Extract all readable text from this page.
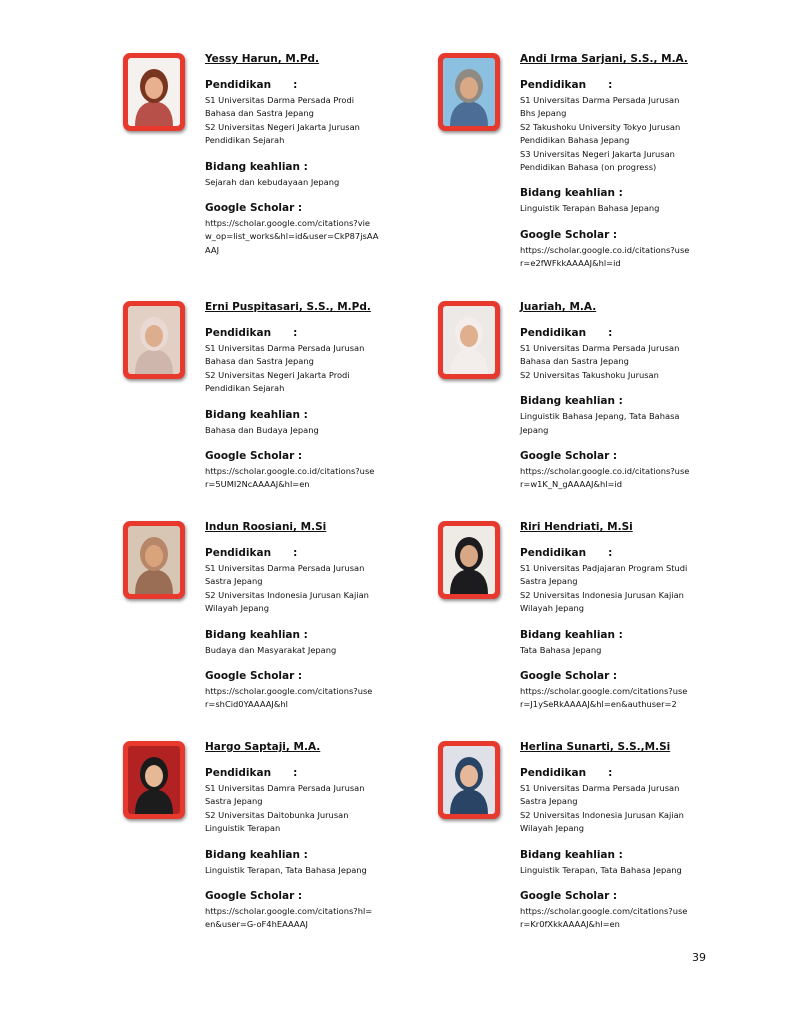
Yessy Harun, M.Pd.
Pendidikan :
S1 Universitas Darma Persada Prodi
Bahasa dan Sastra Jepang
S2 Universitas Negeri Jakarta Jurusan
Pendidikan Sejarah
Bidang keahlian :
Sejarah dan kebudayaan Jepang
Google Scholar :
https://scholar.google.com/citations?vie
w_op=list_works&hl=id&user=CkP87jsAA
AAJ
Andi Irma Sarjani, S.S., M.A.
Pendidikan :
S1 Universitas Darma Persada Jurusan
Bhs Jepang
S2 Takushoku University Tokyo Jurusan
Pendidikan Bahasa Jepang
S3 Universitas Negeri Jakarta Jurusan
Pendidikan Bahasa (on progress)
Bidang keahlian :
Linguistik Terapan Bahasa Jepang
Google Scholar :
https://scholar.google.co.id/citations?use
r=e2fWFkkAAAAJ&hl=id
Erni Puspitasari, S.S., M.Pd.
Pendidikan :
S1 Universitas Darma Persada Jurusan
Bahasa dan Sastra Jepang
S2 Universitas Negeri Jakarta Prodi
Pendidikan Sejarah
Bidang keahlian :
Bahasa dan Budaya Jepang
Google Scholar :
https://scholar.google.co.id/citations?use
r=5UMI2NcAAAAJ&hl=en
Juariah, M.A.
Pendidikan :
S1 Universitas Darma Persada Jurusan
Bahasa dan Sastra Jepang
S2 Universitas Takushoku Jurusan
Bidang keahlian :
Linguistik Bahasa Jepang, Tata Bahasa
Jepang
Google Scholar :
https://scholar.google.co.id/citations?use
r=w1K_N_gAAAAJ&hl=id
Indun Roosiani, M.Si
Pendidikan :
S1 Universitas Darma Persada Jurusan
Sastra Jepang
S2 Universitas Indonesia Jurusan Kajian
Wilayah Jepang
Bidang keahlian :
Budaya dan Masyarakat Jepang
Google Scholar :
https://scholar.google.com/citations?use
r=shCid0YAAAAJ&hl
Riri Hendriati, M.Si
Pendidikan :
S1 Universitas Padjajaran Program Studi
Sastra Jepang
S2 Universitas Indonesia Jurusan Kajian
Wilayah Jepang
Bidang keahlian :
Tata Bahasa Jepang
Google Scholar :
https://scholar.google.com/citations?use
r=J1ySeRkAAAAJ&hl=en&authuser=2
Hargo Saptaji, M.A.
Pendidikan :
S1 Universitas Damra Persada Jurusan
Sastra Jepang
S2 Universitas Daitobunka Jurusan
Linguistik Terapan
Bidang keahlian :
Linguistik Terapan, Tata Bahasa Jepang
Google Scholar :
https://scholar.google.com/citations?hl=
en&user=G-oF4hEAAAAJ
Herlina Sunarti, S.S.,M.Si
Pendidikan :
S1 Universitas Darma Persada Jurusan
Sastra Jepang
S2 Universitas Indonesia Jurusan Kajian
Wilayah Jepang
Bidang keahlian :
Linguistik Terapan, Tata Bahasa Jepang
Google Scholar :
https://scholar.google.com/citations?use
r=Kr0fXkkAAAAJ&hl=en
39
